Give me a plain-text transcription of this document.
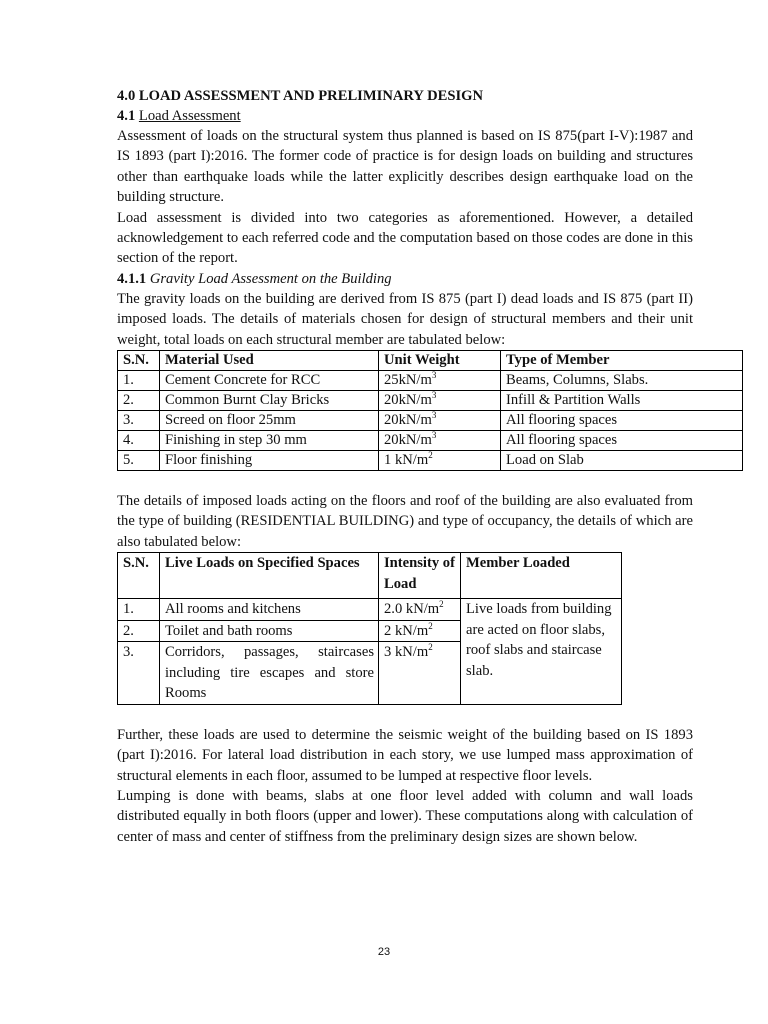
4.0 LOAD ASSESSMENT AND PRELIMINARY DESIGN

4.1 Load Assessment

Assessment of loads on the structural system thus planned is based on IS 875(part I-V):1987 and IS 1893 (part I):2016. The former code of practice is for design loads on building and structures other than earthquake loads while the latter explicitly describes design earthquake load on the building structure.

Load assessment is divided into two categories as aforementioned. However, a detailed acknowledgement to each referred code and the computation based on those codes are done in this section of the report.

4.1.1 Gravity Load Assessment on the Building

The gravity loads on the building are derived from IS 875 (part I) dead loads and IS 875 (part II) imposed loads. The details of materials chosen for design of structural members and their unit weight, total loads on each structural member are tabulated below:

S.N.	Material Used	Unit Weight	Type of Member
1.	Cement Concrete for RCC	$25kN/m^3$	Beams, Columns, Slabs.
2.	Common Burnt Clay Bricks	$20kN/m^3$	Infill & Partition Walls
3.	Screed on floor 25mm	$20kN/m^3$	All flooring spaces
4.	Finishing in step 30 mm	$20kN/m^3$	All flooring spaces
5.	Floor finishing	1 $kN/m^2$	Load on Slab

The details of imposed loads acting on the floors and roof of the building are also evaluated from the type of building (RESIDENTIAL BUILDING) and type of occupancy, the details of which are also tabulated below:

S.N.	Live Loads on Specified Spaces	Intensity of Load	Member Loaded
1.	All rooms and kitchens	2.0 $kN/m^2$	Live loads from building are acted on floor slabs, roof slabs and staircase slab.
2.	Toilet and bath rooms	2 $kN/m^2$
3.	Corridors, passages, staircases including tire escapes and store Rooms	3 $kN/m^2$

Further, these loads are used to determine the seismic weight of the building based on IS 1893 (part I):2016. For lateral load distribution in each story, we use lumped mass approximation of structural elements in each floor, assumed to be lumped at respective floor levels.

Lumping is done with beams, slabs at one floor level added with column and wall loads distributed equally in both floors (upper and lower). These computations along with calculation of center of mass and center of stiffness from the preliminary design sizes are shown below.

23
